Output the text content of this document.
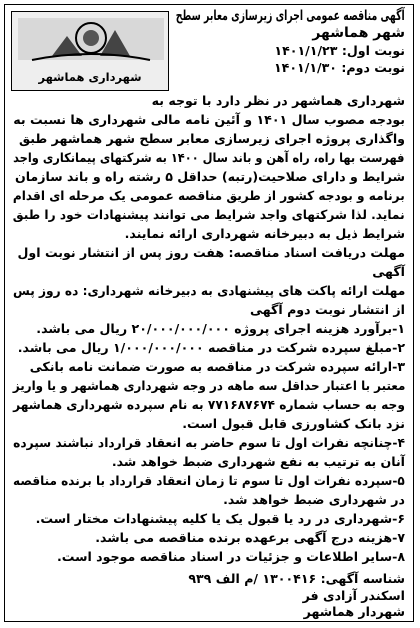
شهرداری هماشهر
آگهی مناقصه عمومی اجرای زیرسازی معابر سطح
شهر هماشهر
نوبت اول: ۱۴۰۱/۱/۲۳
نوبت دوم: ۱۴۰۱/۱/۳۰
شهرداری هماشهر در نظر دارد با توجه به
بودجه مصوب سال ۱۴۰۱ و آئین نامه مالی شهرداری ها نسبت به
واگذاری پروژه اجرای زیرسازی معابر سطح شهر هماشهر طبق
فهرست بها راه، راه آهن و باند سال ۱۴۰۰ به شرکتهای پیمانکاری واجد
شرایط و دارای صلاحیت(رتبه) حداقل ۵ رشته راه و باند سازمان
برنامه و بودجه کشور از طریق مناقصه عمومی یک مرحله ای اقدام
نماید. لذا شرکتهای واجد شرایط می توانند پیشنهادات خود را طبق
شرایط ذیل به دبیرخانه شهرداری ارائه نمایند.
مهلت دریافت اسناد مناقصه: هفت روز پس از انتشار نوبت اول
آگهی
مهلت ارائه پاکت های پیشنهادی به دبیرخانه شهرداری: ده روز پس
از انتشار نوبت دوم آگهی
۱-برآورد هزینه اجرای پروژه ۲۰/۰۰۰/۰۰۰/۰۰۰ ریال می باشد.
۲-مبلغ سپرده شرکت در مناقصه ۱/۰۰۰/۰۰۰/۰۰۰ ریال می باشد.
۳-ارائه سپرده شرکت در مناقصه به صورت ضمانت نامه بانکی
معتبر با اعتبار حداقل سه ماهه در وجه شهرداری هماشهر و یا واریز
وجه به حساب شماره ۷۷۱۶۸۷۶۷۴ به نام سپرده شهرداری هماشهر
نزد بانک کشاورزی قابل قبول است.
۴-چنانچه نفرات اول تا سوم حاضر به انعقاد قرارداد نباشند سپرده
آنان به ترتیب به نفع شهرداری ضبط خواهد شد.
۵-سپرده نفرات اول تا سوم تا زمان انعقاد قرارداد با برنده مناقصه
در شهرداری ضبط خواهد شد.
۶-شهرداری در رد یا قبول یک یا کلیه پیشنهادات مختار است.
۷-هزینه درج آگهی برعهده برنده مناقصه می باشد.
۸-سایر اطلاعات و جزئیات در اسناد مناقصه موجود است.
شناسه آگهی: ۱۳۰۰۴۱۶ /م الف ۹۳۹
اسکندر آزادی فر
شهردار هماشهر
